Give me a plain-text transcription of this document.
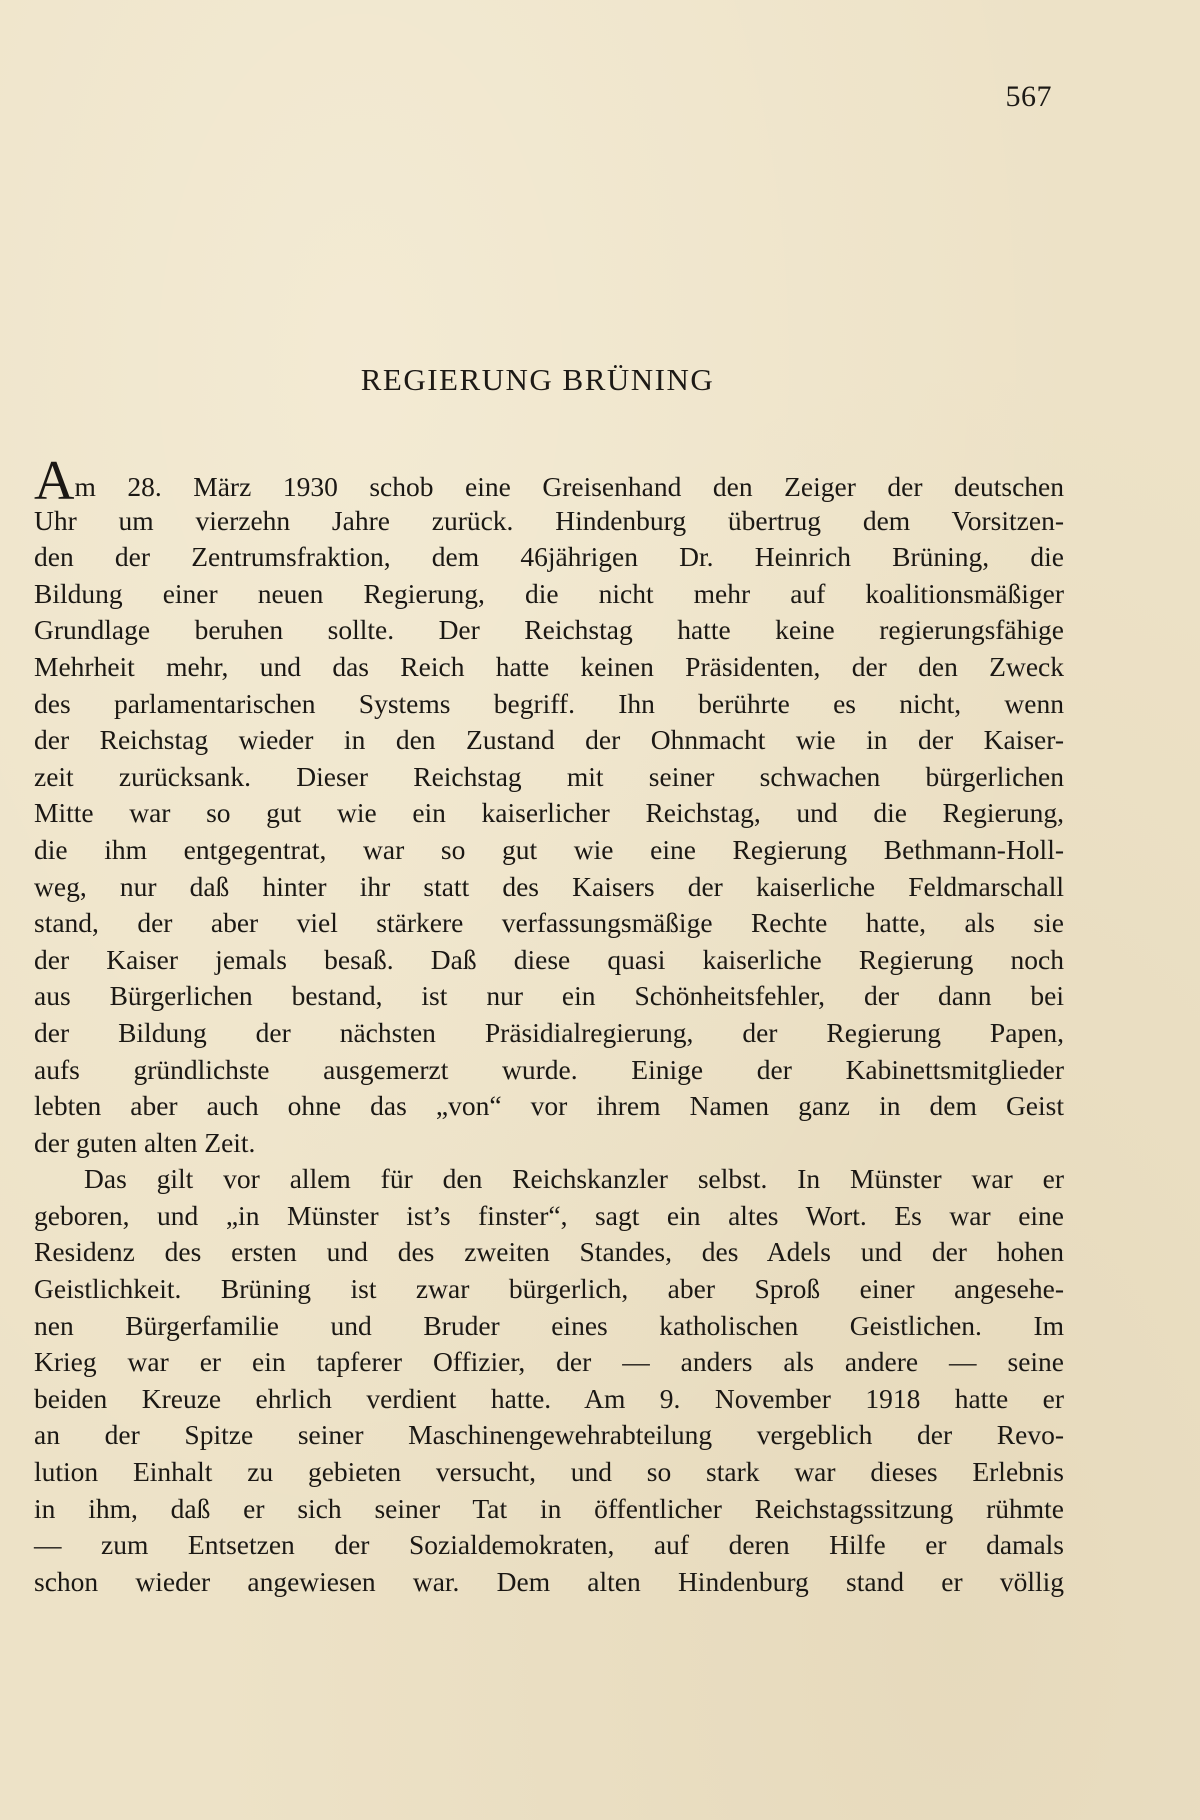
567
REGIERUNG BRÜNING
Am 28. März 1930 schob eine Greisenhand den Zeiger der deutschen
Uhr um vierzehn Jahre zurück. Hindenburg übertrug dem Vorsitzen-
den der Zentrumsfraktion, dem 46jährigen Dr. Heinrich Brüning, die
Bildung einer neuen Regierung, die nicht mehr auf koalitionsmäßiger
Grundlage beruhen sollte. Der Reichstag hatte keine regierungsfähige
Mehrheit mehr, und das Reich hatte keinen Präsidenten, der den Zweck
des parlamentarischen Systems begriff. Ihn berührte es nicht, wenn
der Reichstag wieder in den Zustand der Ohnmacht wie in der Kaiser-
zeit zurücksank. Dieser Reichstag mit seiner schwachen bürgerlichen
Mitte war so gut wie ein kaiserlicher Reichstag, und die Regierung,
die ihm entgegentrat, war so gut wie eine Regierung Bethmann-Holl-
weg, nur daß hinter ihr statt des Kaisers der kaiserliche Feldmarschall
stand, der aber viel stärkere verfassungsmäßige Rechte hatte, als sie
der Kaiser jemals besaß. Daß diese quasi kaiserliche Regierung noch
aus Bürgerlichen bestand, ist nur ein Schönheitsfehler, der dann bei
der Bildung der nächsten Präsidialregierung, der Regierung Papen,
aufs gründlichste ausgemerzt wurde. Einige der Kabinettsmitglieder
lebten aber auch ohne das „von“ vor ihrem Namen ganz in dem Geist
der guten alten Zeit.
Das gilt vor allem für den Reichskanzler selbst. In Münster war er
geboren, und „in Münster ist’s finster“, sagt ein altes Wort. Es war eine
Residenz des ersten und des zweiten Standes, des Adels und der hohen
Geistlichkeit. Brüning ist zwar bürgerlich, aber Sproß einer angesehe-
nen Bürgerfamilie und Bruder eines katholischen Geistlichen. Im
Krieg war er ein tapferer Offizier, der — anders als andere — seine
beiden Kreuze ehrlich verdient hatte. Am 9. November 1918 hatte er
an der Spitze seiner Maschinengewehrabteilung vergeblich der Revo-
lution Einhalt zu gebieten versucht, und so stark war dieses Erlebnis
in ihm, daß er sich seiner Tat in öffentlicher Reichstagssitzung rühmte
— zum Entsetzen der Sozialdemokraten, auf deren Hilfe er damals
schon wieder angewiesen war. Dem alten Hindenburg stand er völlig
